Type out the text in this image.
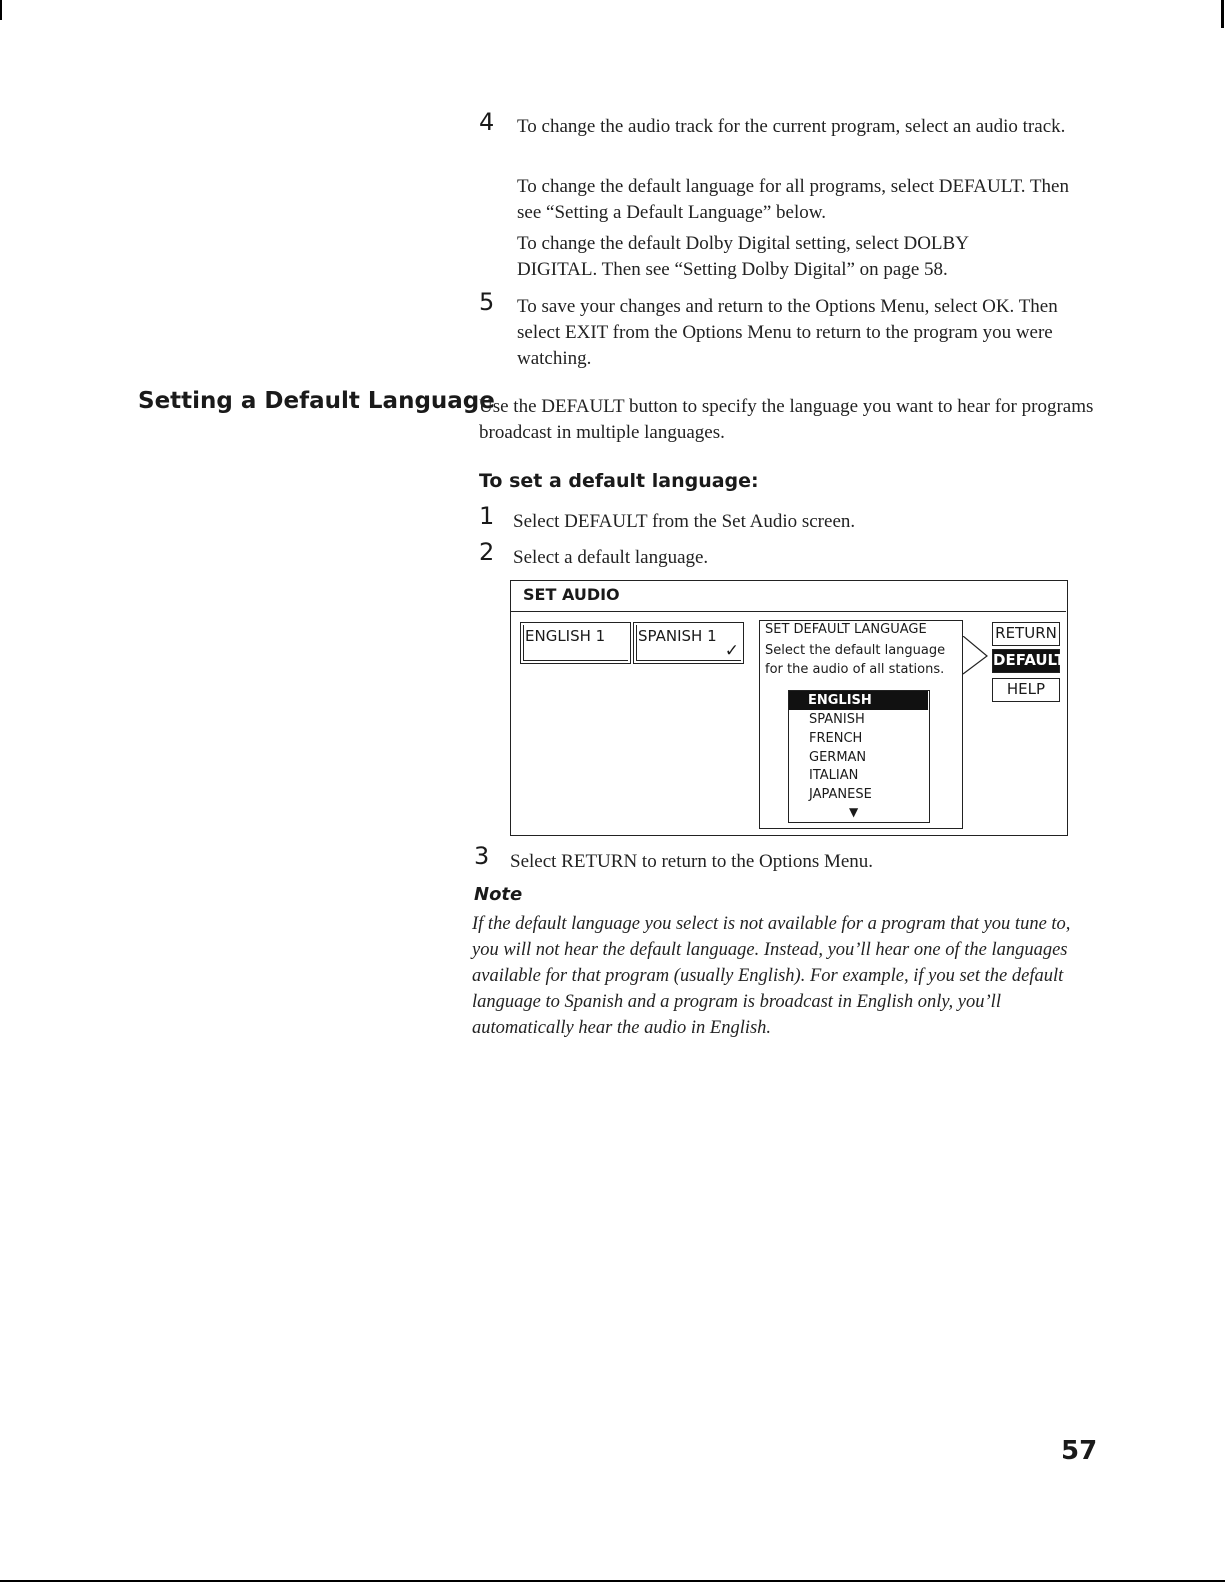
4 To change the audio track for the current program, select an audio track.
To change the default language for all programs, select DEFAULT. Then see “Setting a Default Language” below.
To change the default Dolby Digital setting, select DOLBY DIGITAL. Then see “Setting Dolby Digital” on page 58.
5 To save your changes and return to the Options Menu, select OK. Then select EXIT from the Options Menu to return to the program you were watching.
Setting a Default Language
Use the DEFAULT button to specify the language you want to hear for programs broadcast in multiple languages.
To set a default language:
1 Select DEFAULT from the Set Audio screen.
2 Select a default language.
SET AUDIO
ENGLISH 1	SPANISH 1
✓
SET DEFAULT LANGUAGE
Select the default language for the audio of all stations.
ENGLISH
SPANISH
FRENCH
GERMAN
ITALIAN
JAPANESE
▼
RETURN
DEFAULT
HELP
3 Select RETURN to return to the Options Menu.
Note
If the default language you select is not available for a program that you tune to, you will not hear the default language. Instead, you’ll hear one of the languages available for that program (usually English). For example, if you set the default language to Spanish and a program is broadcast in English only, you’ll automatically hear the audio in English.
57
